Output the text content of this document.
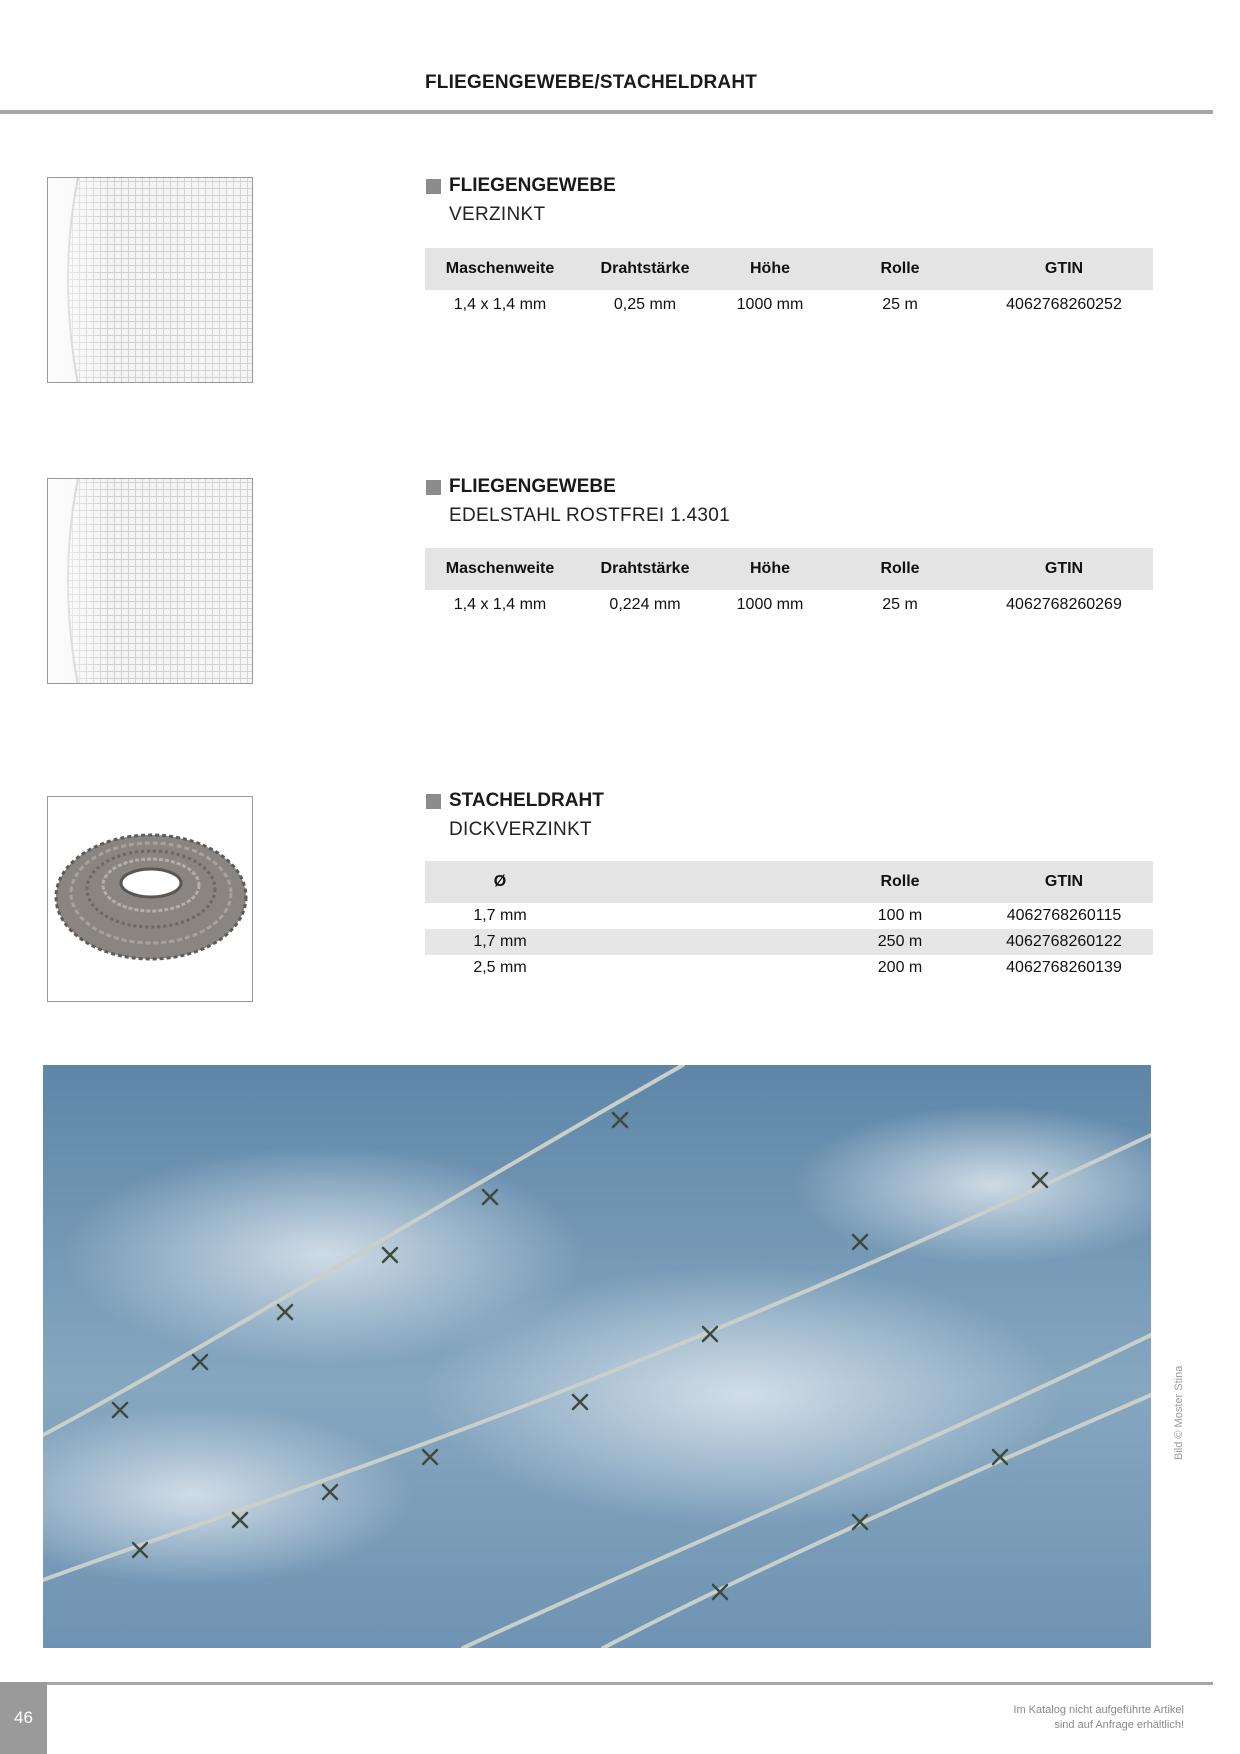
FLIEGENGEWEBE/STACHELDRAHT
FLIEGENGEWEBE
VERZINKT
Maschenweite	Drahtstärke	Höhe	Rolle	GTIN
1,4 x 1,4 mm	0,25 mm	1000 mm	25 m	4062768260252
FLIEGENGEWEBE
EDELSTAHL ROSTFREI 1.4301
Maschenweite	Drahtstärke	Höhe	Rolle	GTIN
1,4 x 1,4 mm	0,224 mm	1000 mm	25 m	4062768260269
STACHELDRAHT
DICKVERZINKT
Ø		Rolle	GTIN
1,7 mm		100 m	4062768260115
1,7 mm		250 m	4062768260122
2,5 mm		200 m	4062768260139
Bild © Moster Stina
46	Im Katalog nicht aufgeführte Artikel
sind auf Anfrage erhältlich!
